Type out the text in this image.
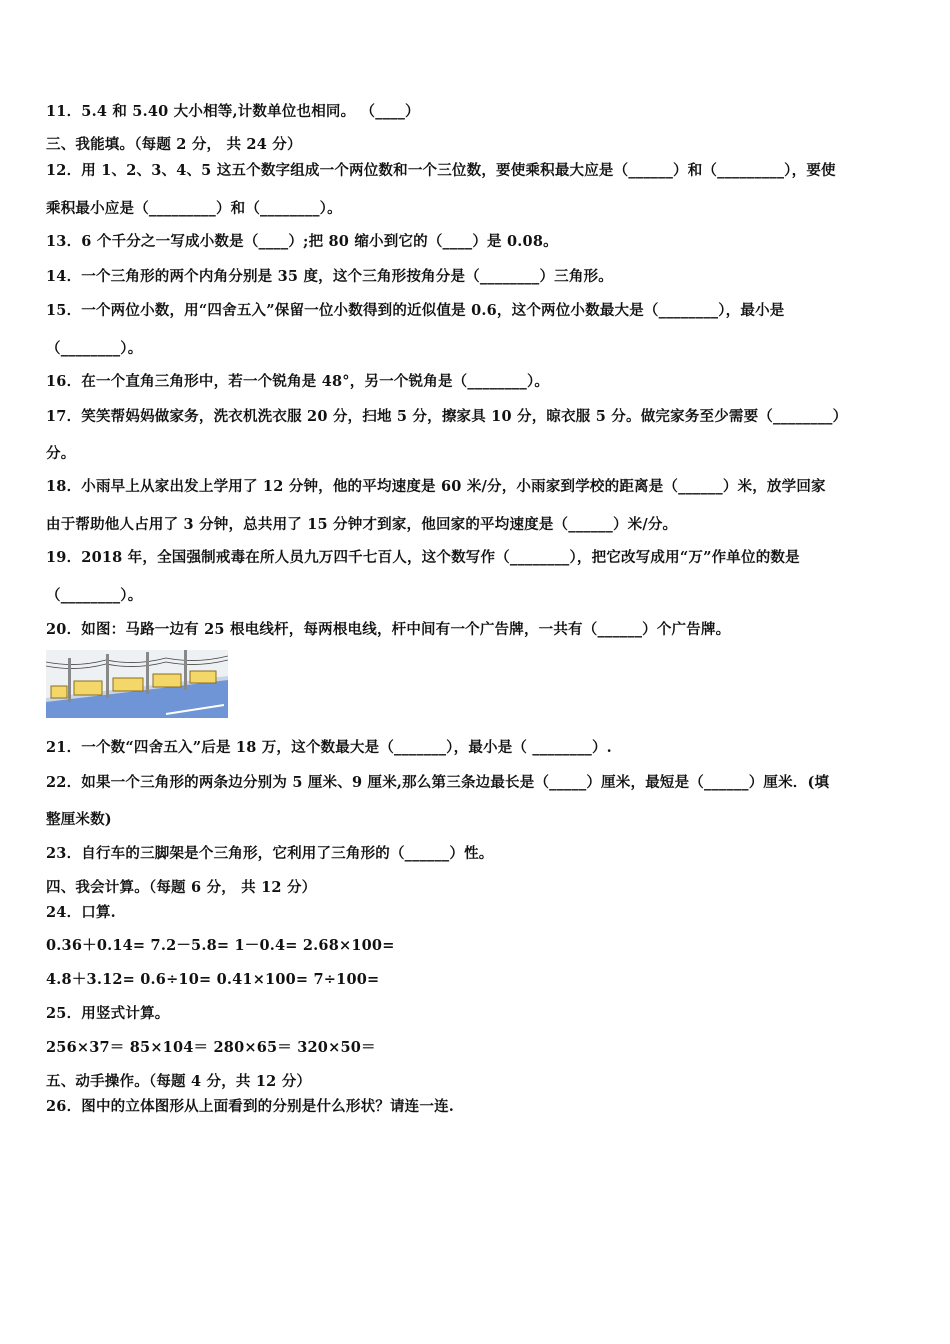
11．5.4 和 5.40 大小相等,计数单位也相同。 （____）
三、我能填。（每题 2 分， 共 24 分）
12．用 1、2、3、4、5 这五个数字组成一个两位数和一个三位数，要使乘积最大应是（______）和（_________），要使
乘积最小应是（_________）和（________）。
13．6 个千分之一写成小数是（____）;把 80 缩小到它的（____）是 0.08。
14．一个三角形的两个内角分别是 35 度，这个三角形按角分是（________）三角形。
15．一个两位小数，用“四舍五入”保留一位小数得到的近似值是 0.6，这个两位小数最大是（________），最小是
（________）。
16．在一个直角三角形中，若一个锐角是 48°，另一个锐角是（________）。
17．笑笑帮妈妈做家务，洗衣机洗衣服 20 分，扫地 5 分，擦家具 10 分，晾衣服 5 分。做完家务至少需要（________）
分。
18．小雨早上从家出发上学用了 12 分钟，他的平均速度是 60 米/分，小雨家到学校的距离是（______）米，放学回家
由于帮助他人占用了 3 分钟，总共用了 15 分钟才到家，他回家的平均速度是（______）米/分。
19．2018 年，全国强制戒毒在所人员九万四千七百人，这个数写作（________），把它改写成用“万”作单位的数是
（________）。
20．如图：马路一边有 25 根电线杆，每两根电线，杆中间有一个广告牌，一共有（______）个广告牌。
21．一个数“四舍五入”后是 18 万，这个数最大是（_______），最小是（ ________）.
22．如果一个三角形的两条边分别为 5 厘米、9 厘米,那么第三条边最长是（_____）厘米，最短是（______）厘米．(填
整厘米数)
23．自行车的三脚架是个三角形，它利用了三角形的（______）性。
四、我会计算。（每题 6 分， 共 12 分）
24．口算.
0.36＋0.14= 7.2－5.8= 1－0.4= 2.68×100=
4.8＋3.12= 0.6÷10= 0.41×100= 7÷100=
25．用竖式计算。
256×37＝ 85×104＝ 280×65＝ 320×50＝
五、动手操作。（每题 4 分，共 12 分）
26．图中的立体图形从上面看到的分别是什么形状？请连一连.
